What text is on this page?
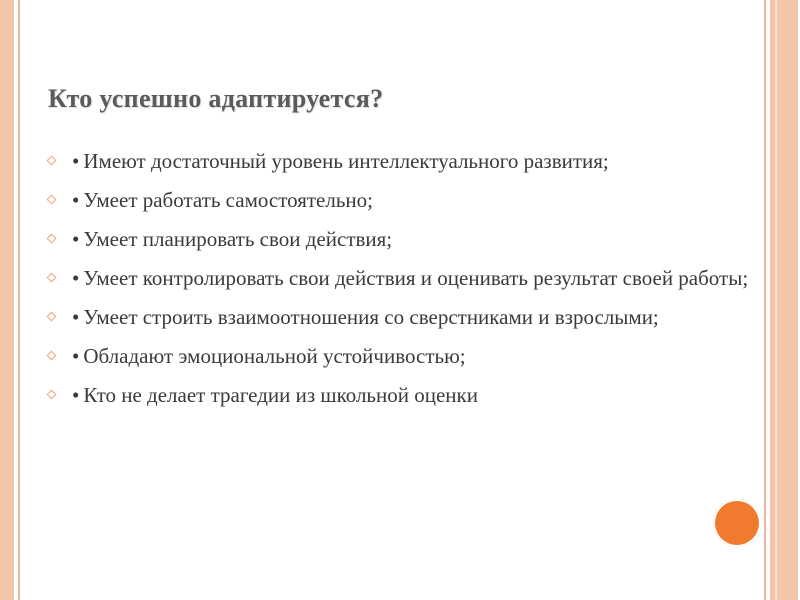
Кто успешно адаптируется?
• Имеют достаточный уровень интеллектуального развития;
• Умеет работать самостоятельно;
• Умеет планировать свои действия;
• Умеет контролировать свои действия и оценивать результат своей работы;
• Умеет строить взаимоотношения со сверстниками и взрослыми;
• Обладают эмоциональной устойчивостью;
• Кто не делает трагедии из школьной оценки
